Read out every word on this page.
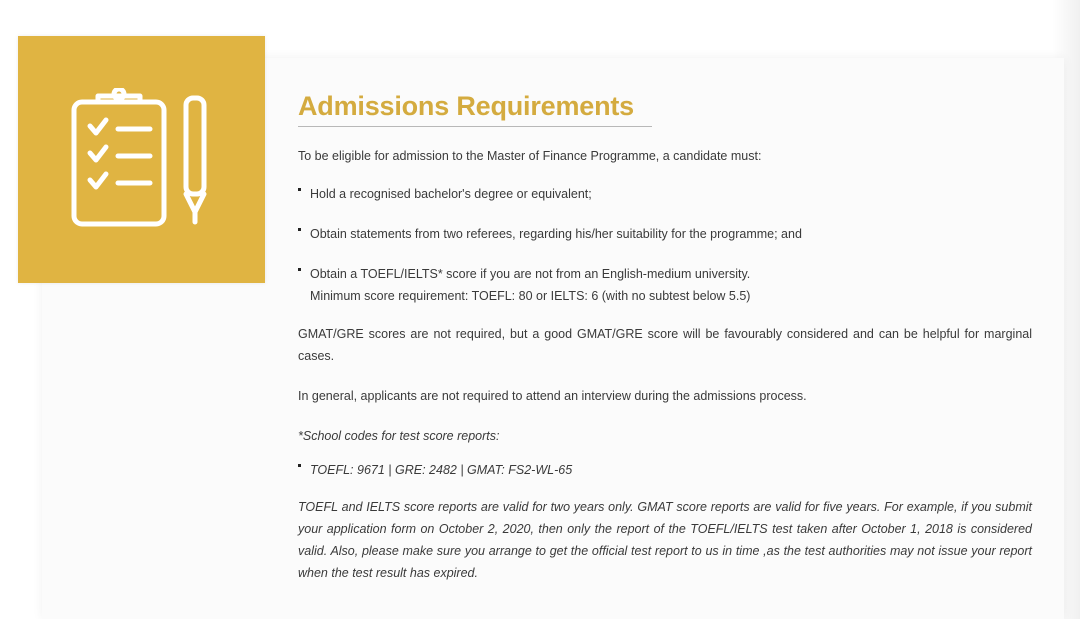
Admissions Requirements

To be eligible for admission to the Master of Finance Programme, a candidate must:

Hold a recognised bachelor's degree or equivalent;
Obtain statements from two referees, regarding his/her suitability for the programme; and
Obtain a TOEFL/IELTS* score if you are not from an English-medium university.
Minimum score requirement: TOEFL: 80 or IELTS: 6 (with no subtest below 5.5)

GMAT/GRE scores are not required, but a good GMAT/GRE score will be favourably considered and can be helpful for marginal cases.

In general, applicants are not required to attend an interview during the admissions process.

*School codes for test score reports:

TOEFL: 9671 | GRE: 2482 | GMAT: FS2-WL-65

TOEFL and IELTS score reports are valid for two years only. GMAT score reports are valid for five years. For example, if you submit your application form on October 2, 2020, then only the report of the TOEFL/IELTS test taken after October 1, 2018 is considered valid. Also, please make sure you arrange to get the official test report to us in time ,as the test authorities may not issue your report when the test result has expired.
